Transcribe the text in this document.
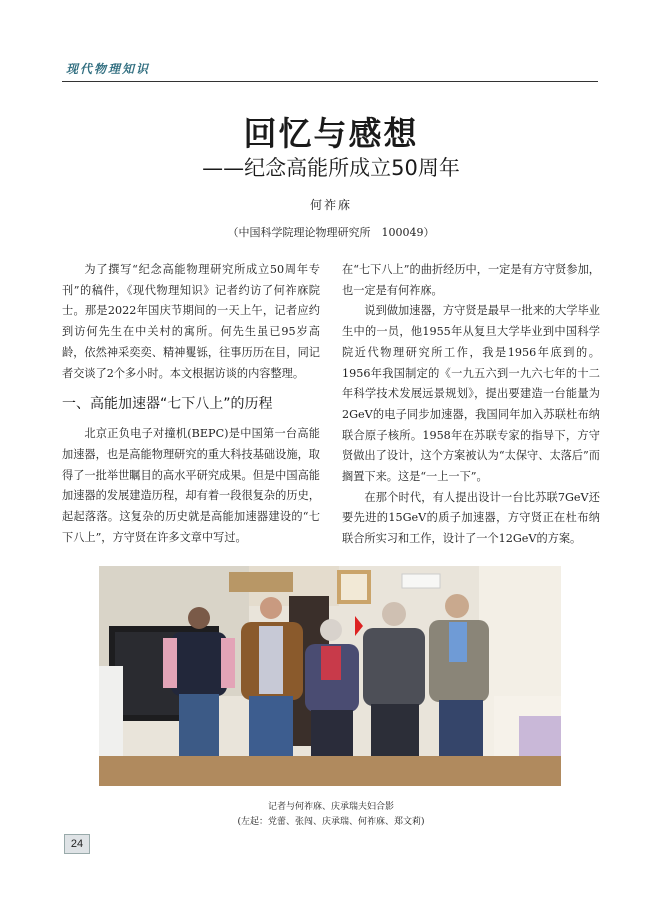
现代物理知识
回忆与感想
——纪念高能所成立50周年
何祚庥
（中国科学院理论物理研究所　100049）

为了撰写“纪念高能物理研究所成立50周年专刊”的稿件，《现代物理知识》记者约访了何祚庥院士。那是2022年国庆节期间的一天上午，记者应约到访何先生在中关村的寓所。何先生虽已95岁高龄，依然神采奕奕、精神矍铄，往事历历在目，同记者交谈了2个多小时。本文根据访谈的内容整理。

一、高能加速器“七下八上”的历程

北京正负电子对撞机(BEPC)是中国第一台高能加速器，也是高能物理研究的重大科技基础设施，取得了一批举世瞩目的高水平研究成果。但是中国高能加速器的发展建造历程，却有着一段很复杂的历史，起起落落。这复杂的历史就是高能加速器建设的“七下八上”，方守贤在许多文章中写过。

在“七下八上”的曲折经历中，一定是有方守贤参加，也一定是有何祚庥。

说到做加速器，方守贤是最早一批来的大学毕业生中的一员，他1955年从复旦大学毕业到中国科学院近代物理研究所工作，我是1956年底到的。1956年我国制定的《一九五六到一九六七年的十二年科学技术发展远景规划》，提出要建造一台能量为2GeV的电子同步加速器，我国同年加入苏联杜布纳联合原子核所。1958年在苏联专家的指导下，方守贤做出了设计，这个方案被认为“太保守、太落后”而搁置下来。这是“一上一下”。

在那个时代，有人提出设计一台比苏联7GeV还要先进的15GeV的质子加速器，方守贤正在杜布纳联合所实习和工作，设计了一个12GeV的方案。

记者与何祚庥、庆承瑞夫妇合影
(左起：党蕾、张闯、庆承瑞、何祚庥、郑文莉)
24
